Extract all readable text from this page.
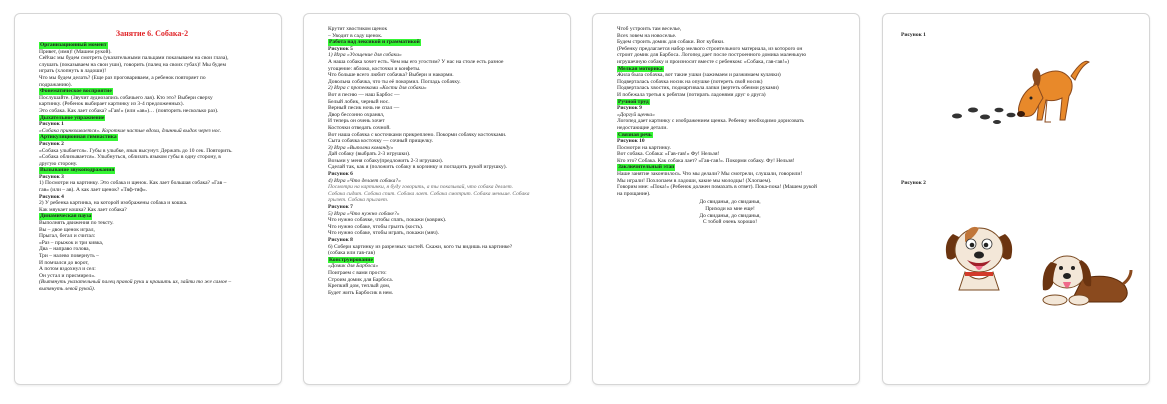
Занятие 6. Собака-2
Организационный момент
Привет, (имя)! (Машем рукой).
Сейчас мы будем смотреть (указательными пальцами показываем на свои глаза),
слушать (показываем на свои уши), говорить (палец на своих губах)! Мы будем
играть (хлопнуть в ладоши)!
Что мы будем делать? (Еще раз проговариваем, а ребенок повторяет по
подражанию).
Фонематическое восприятие
Послушайте. (Звучит аудиозапись собачьего лая). Кто это? Выбери сверху
картинку. (Ребенок выбирает картинку из 3-4 предложенных).
Это собака. Как лает собака? «Гав!» (или «ав»)… (повторить несколько раз).
Дыхательное упражнение
Рисунок 1
«Собака принюхивается». Короткие частые вдохи, длинный выдох через нос.
Артикуляционная гимнастика
Рисунок 2
«Собака улыбается». Губы в улыбке, язык высунут. Держать до 10 сек. Повторить.
«Собака облизывается». Улыбнуться, облизать языком губы в одну сторону, в
другую сторону.
Вызывание звукоподражания
Рисунок 3
1) Посмотри на картинку. Это собака и щенок. Как лает большая собака? «Гав –
гав» (или – ав). А как лает щенок? «Тяф-тяф».
Рисунок 4
2) У ребенка картинка, на которой изображены собака и кошка.
Как мяукает кошка? Как лает собака?
Динамическая пауза
Выполнять движения по тексту.
Вы – двое щенок играл,
Прыгал, бегал и считал:
«Раз – прыжок и три кивка,
Два – направо голова,
Три – налево повернуть –
И помчался до ворот,
А потом вздохнул и сел:
Он устал и присмирел».
(Вытянуть указательный палец правой руки и крашить их, зайти то же самое –
вытянуть левой рукой).
Крутит хвостиком щенок
– Уводит в саду щенок.
Работа над лексикой и грамматикой
Рисунок 5
1) Игра «Угощение для собаки»
А наша собака хочет есть. Чем мы его угостим? У нас на столе есть разное
угощение: яблоко, косточки и конфеты.
Что больше всего любит собачка? Выбери и накорми.
Довольна собачка, что ты её покормил. Погладь собачку.
2) Игра с пропевками «Кости для собаки»
Вот я песню — наш Барбос —
Белый лобик, черный нос.
Верный песик ночь не спал —
Двор бессонно охранял,
И теперь он очень хочет
Косточки отведать сочной.
Вот наша собачка с косточками прикреплено. Покорми собачку косточками.
Сыта собачка косточку — сочный прищелку.
3) Игра «Выполни команду»
Дай собаку (выбрать 2-3 игрушки).
Возьми у меня собаку(предложить 2-3 игрушки).
Сделай так, как я (положить собаку в корзинку и погладить рукой игрушку).
Рисунок 6
4) Игра «Что делает собака?»
Посмотри на картинки, я буду говорить, а ты показывай, что собака делает.
Собака сидит. Собака спит. Собака лает. Собака смотрит. Собака меньше. Собака
грызет. Собака прыгает.
Рисунок 7
5) Игра «Что нужно собаке?»
Что нужно собачке, чтобы спать, покажи (коврик).
Что нужно собаке, чтобы грызть (кость).
Что нужно собаке, чтобы играть, покажи (мяч).
Рисунок 8
6) Собери картинку из разрезных частей. Скажи, кого ты видишь на картинке?
(собака или гав-гав)
Конструирование
«Домик для Барбоса»
Поиграем с вами просто:
Строим домик для Барбоса.
Крепкий дом, теплый дом,
Будет жить Барбосик в нем.
Чтоб устроить там веселье,
Всех зовем на новоселье.
Будем строить домик для собаки. Вот кубики.
(Ребенку предлагается набор мелкого строительного материала, из которого он
строит домик для Барбоса. Логопед дает после построенного домика маленькую
игрушечную собаку и произносит вместе с ребенком: «Собака, гав-гав!»)
Мелкая моторика
Жила была собачка, вот такие ушки (зажимаем и разжимаем кулачки)
Подверталась собачка носик на опушке (потереть свой носик)
Подверталась хвостик, подмаргивала лапки (вертеть обеими руками)
И побежала третья к ребятам (потирать ладонями друг о друга)
Ручной труд
Рисунок 9
«Доргуй щенка»
Логопед дает картинку с изображением щенка. Ребенку необходимо дорисовать
недостающие детали.
Связная речь
Рисунок 10
Посмотри на картинку.
Вот собака. Собака: «Гав-гав!» Фу! Нельзя!
Кто это? Собака. Как собака лает? «Гав-гав!». Покорми собаку. Фу! Нельзя!
Заключительный этап
Наше занятие закончилось. Что мы делали? Мы смотрели, слушали, говорили!
Мы играли! Похлопаем в ладоши, какие мы молодцы! (Хлопаем).
Говорим мне: «Пока!» (Ребенок должен помахать в ответ). Пока-пока! (Машем рукой
на прощание).
До свиданья, до свиданья,
Приходи ко мне еще!
До свиданья, до свиданья,
С тобой очень хорошо!
Рисунок 1
Рисунок 2
